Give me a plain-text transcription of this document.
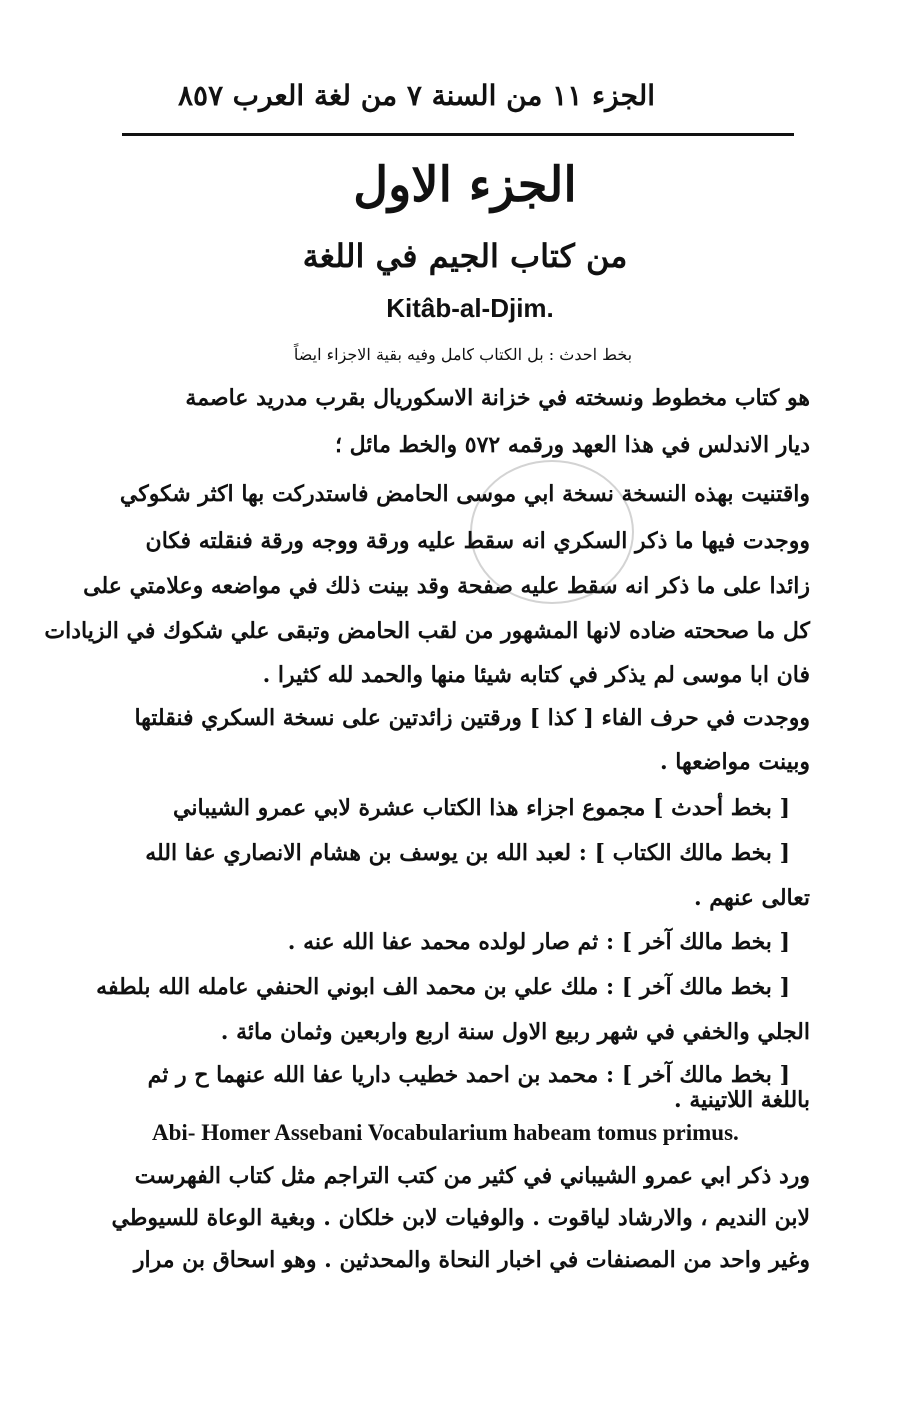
٨٥٧ الجزء ١١ من السنة ٧ من لغة العرب
الجزء الاول
من كتاب الجيم في اللغة
Kitâb-al-Djim.
بخط احدث : بل الكتاب كامل وفيه بقية الاجزاء ايضاً
هو كتاب مخطوط ونسخته في خزانة الاسكوريال بقرب مدريد عاصمة
ديار الاندلس في هذا العهد ورقمه ٥٧٢ والخط مائل ؛
واقتنيت بهذه النسخة نسخة ابي موسى الحامض فاستدركت بها اكثر شكوكي
ووجدت فيها ما ذكر السكري انه سقط عليه ورقة ووجه ورقة فنقلته فكان
زائدا على ما ذكر انه سقط عليه صفحة وقد بينت ذلك في مواضعه وعلامتي على
كل ما صححته ضاده لانها المشهور من لقب الحامض وتبقى علي شكوك في الزيادات
فان ابا موسى لم يذكر في كتابه شيئا منها والحمد لله كثيرا .
ووجدت في حرف الفاء [ كذا ] ورقتين زائدتين على نسخة السكري فنقلتها
وبينت مواضعها .
[ بخط أحدث ] مجموع اجزاء هذا الكتاب عشرة لابي عمرو الشيباني
[ بخط مالك الكتاب ] : لعبد الله بن يوسف بن هشام الانصاري عفا الله
تعالى عنهم .
[ بخط مالك آخر ] : ثم صار لولده محمد عفا الله عنه .
[ بخط مالك آخر ] : ملك علي بن محمد الف ابوني الحنفي عامله الله بلطفه
الجلي والخفي في شهر ربيع الاول سنة اربع واربعين وثمان مائة .
[ بخط مالك آخر ] : محمد بن احمد خطيب داريا عفا الله عنهما ح ر ثم
باللغة اللاتينية .
Abi- Homer Assebani Vocabularium habeam tomus primus.
ورد ذكر ابي عمرو الشيباني في كثير من كتب التراجم مثل كتاب الفهرست
لابن النديم ، والارشاد لياقوت . والوفيات لابن خلكان . وبغية الوعاة للسيوطي
وغير واحد من المصنفات في اخبار النحاة والمحدثين . وهو اسحاق بن مرار
